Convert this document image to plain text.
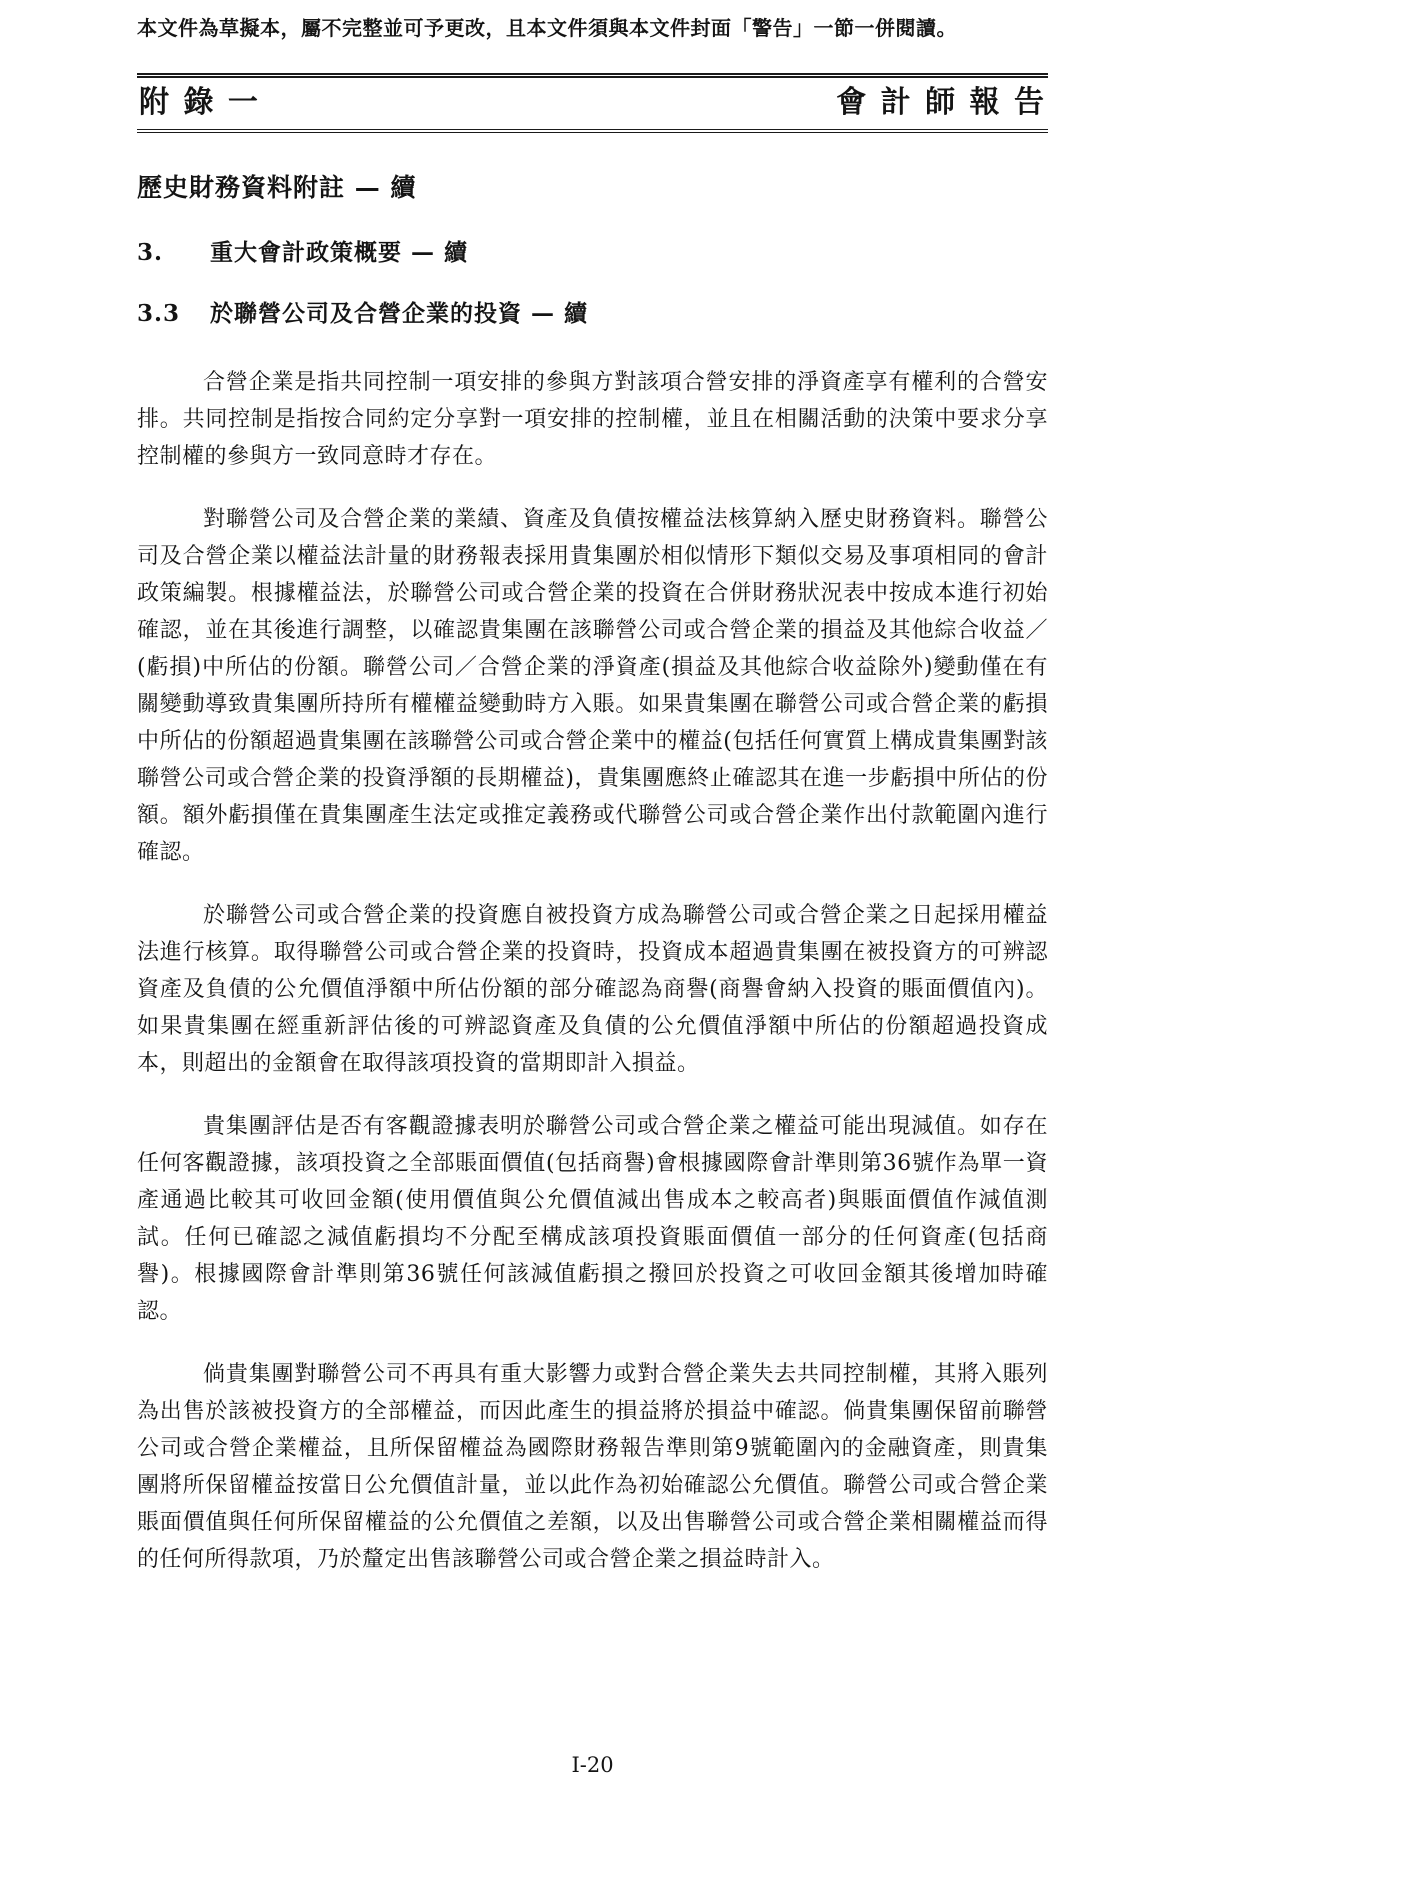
本文件為草擬本，屬不完整並可予更改，且本文件須與本文件封面「警告」一節一併閱讀。
附 錄 一	會 計 師 報 告
歷史財務資料附註 — 續
3.	重大會計政策概要 — 續
3.3	於聯營公司及合營企業的投資 — 續

合營企業是指共同控制一項安排的參與方對該項合營安排的淨資產享有權利的合營安排。共同控制是指按合同約定分享對一項安排的控制權，並且在相關活動的決策中要求分享控制權的參與方一致同意時才存在。

對聯營公司及合營企業的業績、資產及負債按權益法核算納入歷史財務資料。聯營公司及合營企業以權益法計量的財務報表採用貴集團於相似情形下類似交易及事項相同的會計政策編製。根據權益法，於聯營公司或合營企業的投資在合併財務狀況表中按成本進行初始確認，並在其後進行調整，以確認貴集團在該聯營公司或合營企業的損益及其他綜合收益／(虧損)中所佔的份額。聯營公司／合營企業的淨資產(損益及其他綜合收益除外)變動僅在有關變動導致貴集團所持所有權權益變動時方入賬。如果貴集團在聯營公司或合營企業的虧損中所佔的份額超過貴集團在該聯營公司或合營企業中的權益(包括任何實質上構成貴集團對該聯營公司或合營企業的投資淨額的長期權益)，貴集團應終止確認其在進一步虧損中所佔的份額。額外虧損僅在貴集團產生法定或推定義務或代聯營公司或合營企業作出付款範圍內進行確認。

於聯營公司或合營企業的投資應自被投資方成為聯營公司或合營企業之日起採用權益法進行核算。取得聯營公司或合營企業的投資時，投資成本超過貴集團在被投資方的可辨認資產及負債的公允價值淨額中所佔份額的部分確認為商譽(商譽會納入投資的賬面價值內)。如果貴集團在經重新評估後的可辨認資產及負債的公允價值淨額中所佔的份額超過投資成本，則超出的金額會在取得該項投資的當期即計入損益。

貴集團評估是否有客觀證據表明於聯營公司或合營企業之權益可能出現減值。如存在任何客觀證據，該項投資之全部賬面價值(包括商譽)會根據國際會計準則第36號作為單一資產通過比較其可收回金額(使用價值與公允價值減出售成本之較高者)與賬面價值作減值測試。任何已確認之減值虧損均不分配至構成該項投資賬面價值一部分的任何資產(包括商譽)。根據國際會計準則第36號任何該減值虧損之撥回於投資之可收回金額其後增加時確認。

倘貴集團對聯營公司不再具有重大影響力或對合營企業失去共同控制權，其將入賬列為出售於該被投資方的全部權益，而因此產生的損益將於損益中確認。倘貴集團保留前聯營公司或合營企業權益，且所保留權益為國際財務報告準則第9號範圍內的金融資產，則貴集團將所保留權益按當日公允價值計量，並以此作為初始確認公允價值。聯營公司或合營企業賬面價值與任何所保留權益的公允價值之差額，以及出售聯營公司或合營企業相關權益而得的任何所得款項，乃於釐定出售該聯營公司或合營企業之損益時計入。

I-20
